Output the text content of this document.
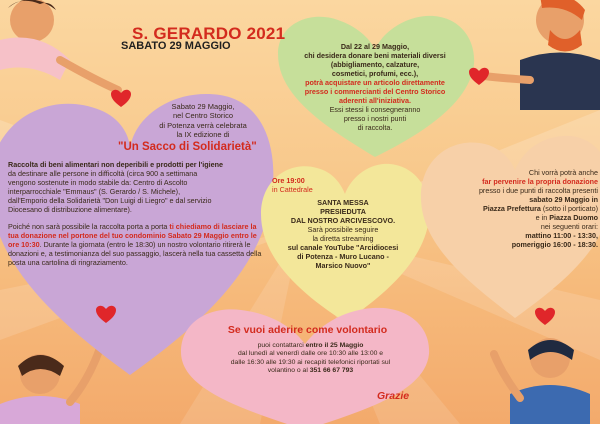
S. GERARDO 2021
SABATO 29 MAGGIO
Sabato 29 Maggio,
nel Centro Storico
di Potenza verrà celebrata
la IX edizione di
"Un Sacco di Solidarietà"
Raccolta di beni alimentari non deperibili e prodotti per l'igiene
da destinare alle persone in difficoltà (circa 900 a settimana
vengono sostenute in modo stabile da: Centro di Ascolto
interparrocchiale "Emmaus" (S. Gerardo / S. Michele),
dall'Emporio della Solidarietà "Don Luigi di Liegro" e dal servizio
Diocesano di distribuzione alimentare).
Poiché non sarà possibile la raccolta porta a porta ti chiediamo di lasciare la tua donazione nel portone del tuo condominio Sabato 29 Maggio entro le ore 10:30. Durante la giornata (entro le 18:30) un nostro volontario ritirerà le donazioni e, a testimonianza del suo passaggio, lascerà nella tua cassetta della posta una cartolina di ringraziamento.
Dal 22 al 29 Maggio,
chi desidera donare beni materiali diversi
(abbigliamento, calzature,
cosmetici, profumi, ecc.),
potrà acquistare un articolo direttamente
presso i commercianti del Centro Storico
aderenti all'iniziativa.
Essi stessi li consegneranno
presso i nostri punti
di raccolta.
Ore 19:00
in Cattedrale
SANTA MESSA
PRESIEDUTA
DAL NOSTRO ARCIVESCOVO.
Sarà possibile seguire
la diretta streaming
sul canale YouTube "Arcidiocesi
di Potenza - Muro Lucano -
Marsico Nuovo"
Chi vorrà potrà anche
far pervenire la propria donazione
presso i due punti di raccolta presenti
sabato 29 Maggio in
Piazza Prefettura (sotto il porticato)
e in Piazza Duomo
nei seguenti orari:
mattino 11:00 - 13:30,
pomeriggio 16:00 - 18:30.
Se vuoi aderire come volontario
puoi contattarci entro il 25 Maggio
dal lunedì al venerdì dalle ore 10:30 alle 13:00 e
dalle 16:30 alle 19:30 ai recapiti telefonici riportati sul
volantino o al 351 66 67 793
Grazie
